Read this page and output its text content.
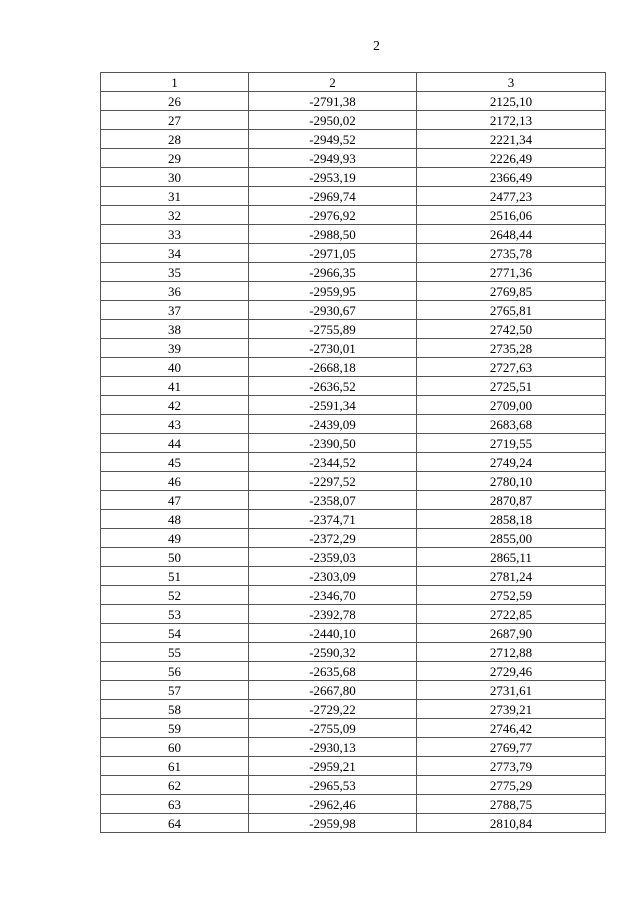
2
1	2	3
26	-2791,38	2125,10
27	-2950,02	2172,13
28	-2949,52	2221,34
29	-2949,93	2226,49
30	-2953,19	2366,49
31	-2969,74	2477,23
32	-2976,92	2516,06
33	-2988,50	2648,44
34	-2971,05	2735,78
35	-2966,35	2771,36
36	-2959,95	2769,85
37	-2930,67	2765,81
38	-2755,89	2742,50
39	-2730,01	2735,28
40	-2668,18	2727,63
41	-2636,52	2725,51
42	-2591,34	2709,00
43	-2439,09	2683,68
44	-2390,50	2719,55
45	-2344,52	2749,24
46	-2297,52	2780,10
47	-2358,07	2870,87
48	-2374,71	2858,18
49	-2372,29	2855,00
50	-2359,03	2865,11
51	-2303,09	2781,24
52	-2346,70	2752,59
53	-2392,78	2722,85
54	-2440,10	2687,90
55	-2590,32	2712,88
56	-2635,68	2729,46
57	-2667,80	2731,61
58	-2729,22	2739,21
59	-2755,09	2746,42
60	-2930,13	2769,77
61	-2959,21	2773,79
62	-2965,53	2775,29
63	-2962,46	2788,75
64	-2959,98	2810,84
